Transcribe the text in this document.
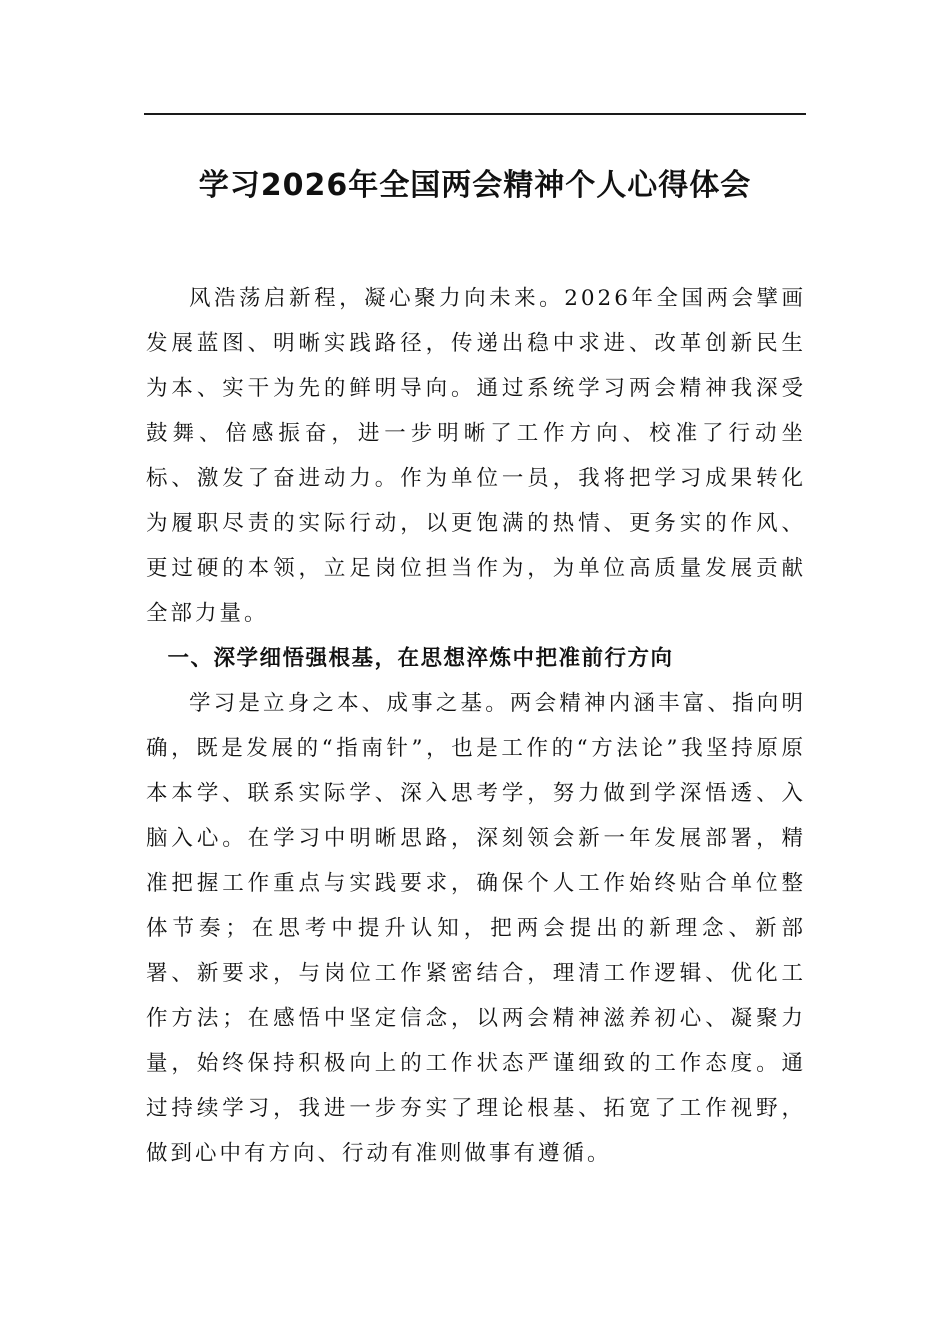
学习2026年全国两会精神个人心得体会

风浩荡启新程，凝心聚力向未来。2026年全国两会擘画发展蓝图、明晰实践路径，传递出稳中求进、改革创新民生为本、实干为先的鲜明导向。通过系统学习两会精神我深受鼓舞、倍感振奋，进一步明晰了工作方向、校准了行动坐标、激发了奋进动力。作为单位一员，我将把学习成果转化为履职尽责的实际行动，以更饱满的热情、更务实的作风、更过硬的本领，立足岗位担当作为，为单位高质量发展贡献全部力量。

一、深学细悟强根基，在思想淬炼中把准前行方向

学习是立身之本、成事之基。两会精神内涵丰富、指向明确，既是发展的“指南针”，也是工作的“方法论”我坚持原原本本学、联系实际学、深入思考学，努力做到学深悟透、入脑入心。在学习中明晰思路，深刻领会新一年发展部署，精准把握工作重点与实践要求，确保个人工作始终贴合单位整体节奏；在思考中提升认知，把两会提出的新理念、新部署、新要求，与岗位工作紧密结合，理清工作逻辑、优化工作方法；在感悟中坚定信念，以两会精神滋养初心、凝聚力量，始终保持积极向上的工作状态严谨细致的工作态度。通过持续学习，我进一步夯实了理论根基、拓宽了工作视野，做到心中有方向、行动有准则做事有遵循。
